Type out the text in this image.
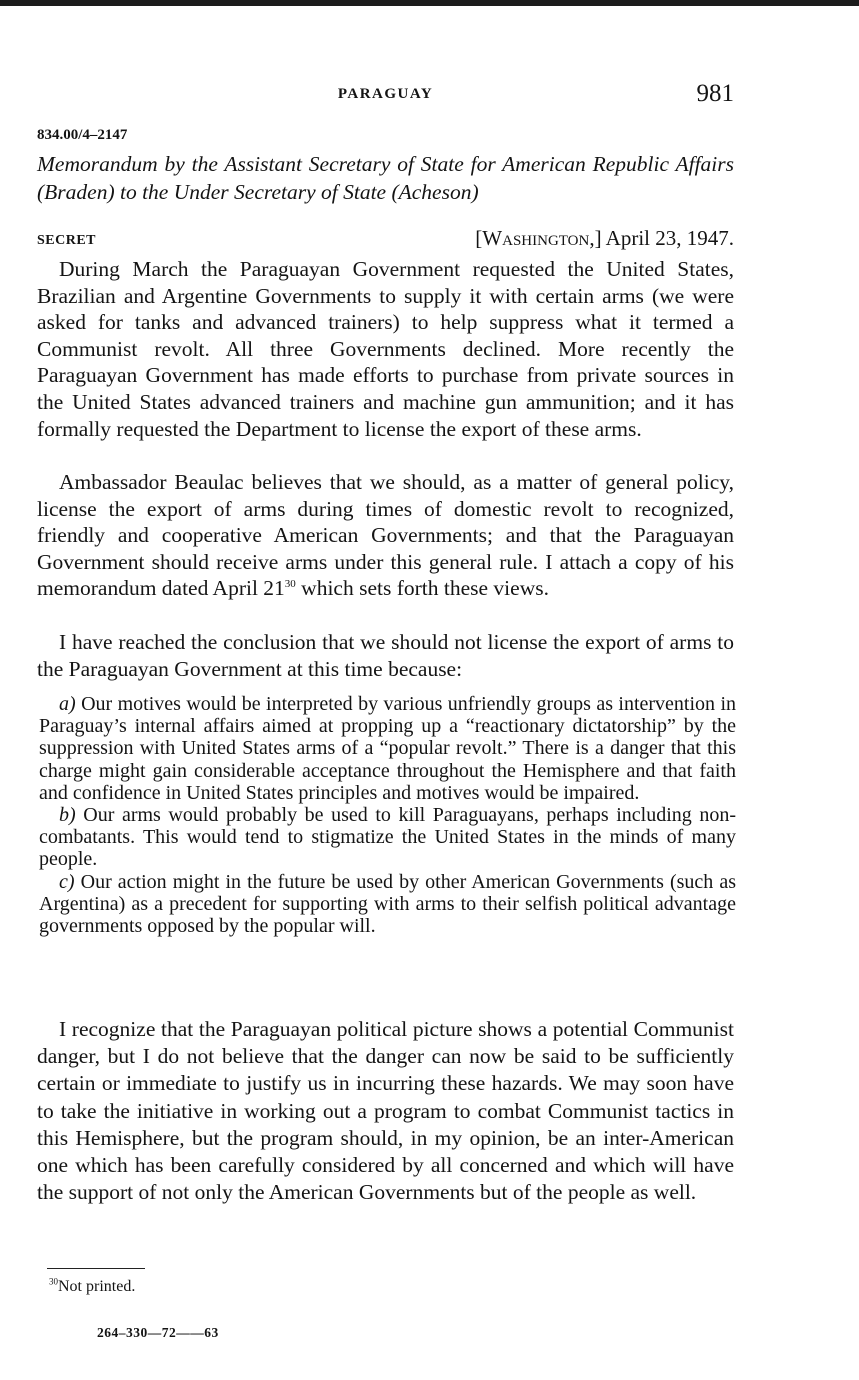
PARAGUAY	981
834.00/4–2147
Memorandum by the Assistant Secretary of State for American Republic Affairs (Braden) to the Under Secretary of State (Acheson)
SECRET	[Washington,] April 23, 1947.

During March the Paraguayan Government requested the United States, Brazilian and Argentine Governments to supply it with certain arms (we were asked for tanks and advanced trainers) to help suppress what it termed a Communist revolt. All three Governments declined. More recently the Paraguayan Government has made efforts to purchase from private sources in the United States advanced trainers and machine gun ammunition; and it has formally requested the Department to license the export of these arms.

Ambassador Beaulac believes that we should, as a matter of general policy, license the export of arms during times of domestic revolt to recognized, friendly and cooperative American Governments; and that the Paraguayan Government should receive arms under this general rule. I attach a copy of his memorandum dated April $21^{30}$ which sets forth these views.

I have reached the conclusion that we should not license the export of arms to the Paraguayan Government at this time because:

a) Our motives would be interpreted by various unfriendly groups as intervention in Paraguay’s internal affairs aimed at propping up a “reactionary dictatorship” by the suppression with United States arms of a “popular revolt.” There is a danger that this charge might gain considerable acceptance throughout the Hemisphere and that faith and confidence in United States principles and motives would be impaired.

b) Our arms would probably be used to kill Paraguayans, perhaps including non-combatants. This would tend to stigmatize the United States in the minds of many people.

c) Our action might in the future be used by other American Governments (such as Argentina) as a precedent for supporting with arms to their selfish political advantage governments opposed by the popular will.

I recognize that the Paraguayan political picture shows a potential Communist danger, but I do not believe that the danger can now be said to be sufficiently certain or immediate to justify us in incurring these hazards. We may soon have to take the initiative in working out a program to combat Communist tactics in this Hemisphere, but the program should, in my opinion, be an inter-American one which has been carefully considered by all concerned and which will have the support of not only the American Governments but of the people as well.

$^{30}$Not printed.
264–330—72——63
